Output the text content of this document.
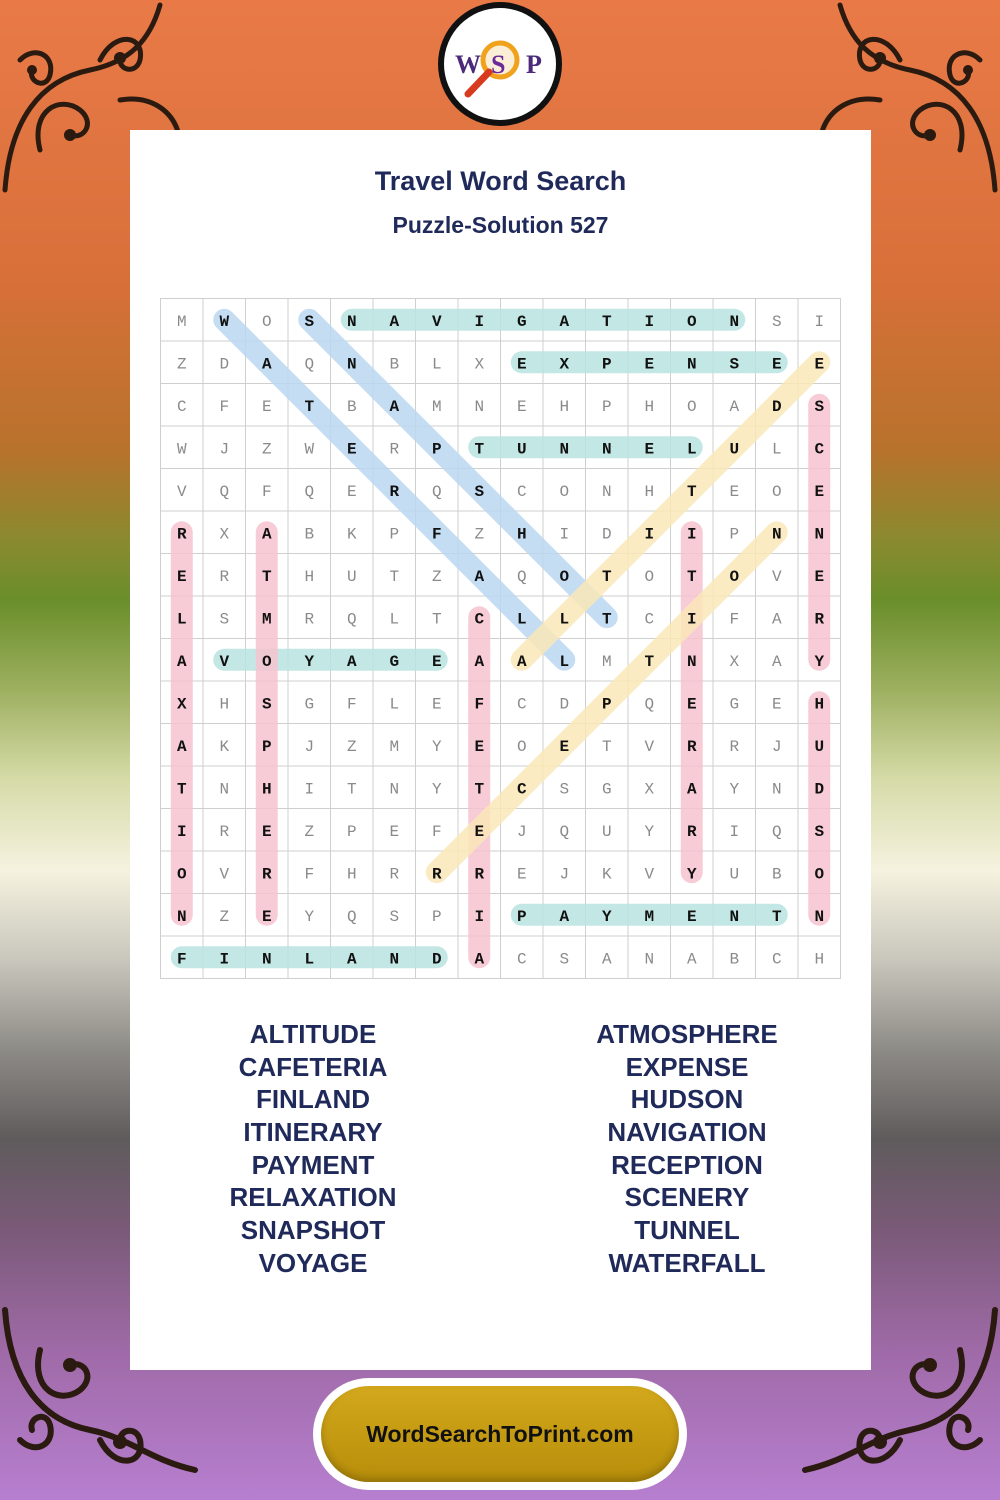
W S P
Travel Word Search
Puzzle-Solution 527
M W O S N A V I G A T I O N S I
Z D A Q N B L X E X P E N S E E
C F E T B A M N E H P H O A D S
W J Z W E R P T U N N E L U L C
V Q F Q E R Q S C O N H T E O E
R X A B K P F Z H I D I I P N N
E R T H U T Z A Q O T O T O V E
L S M R Q L T C L L T C I F A R
A V O Y A G E A A L M T N X A Y
X H S G F L E F C D P Q E G E H
A K P J Z M Y E O E T V R R J U
T N H I T N Y T C S G X A Y N D
I R E Z P E F E J Q U Y R I Q S
O V R F H R R R E J K V Y U B O
N Z E Y Q S P I P A Y M E N T N
F I N L A N D A C S A N A B C H
ALTITUDE
CAFETERIA
FINLAND
ITINERARY
PAYMENT
RELAXATION
SNAPSHOT
VOYAGE
ATMOSPHERE
EXPENSE
HUDSON
NAVIGATION
RECEPTION
SCENERY
TUNNEL
WATERFALL
WordSearchToPrint.com
